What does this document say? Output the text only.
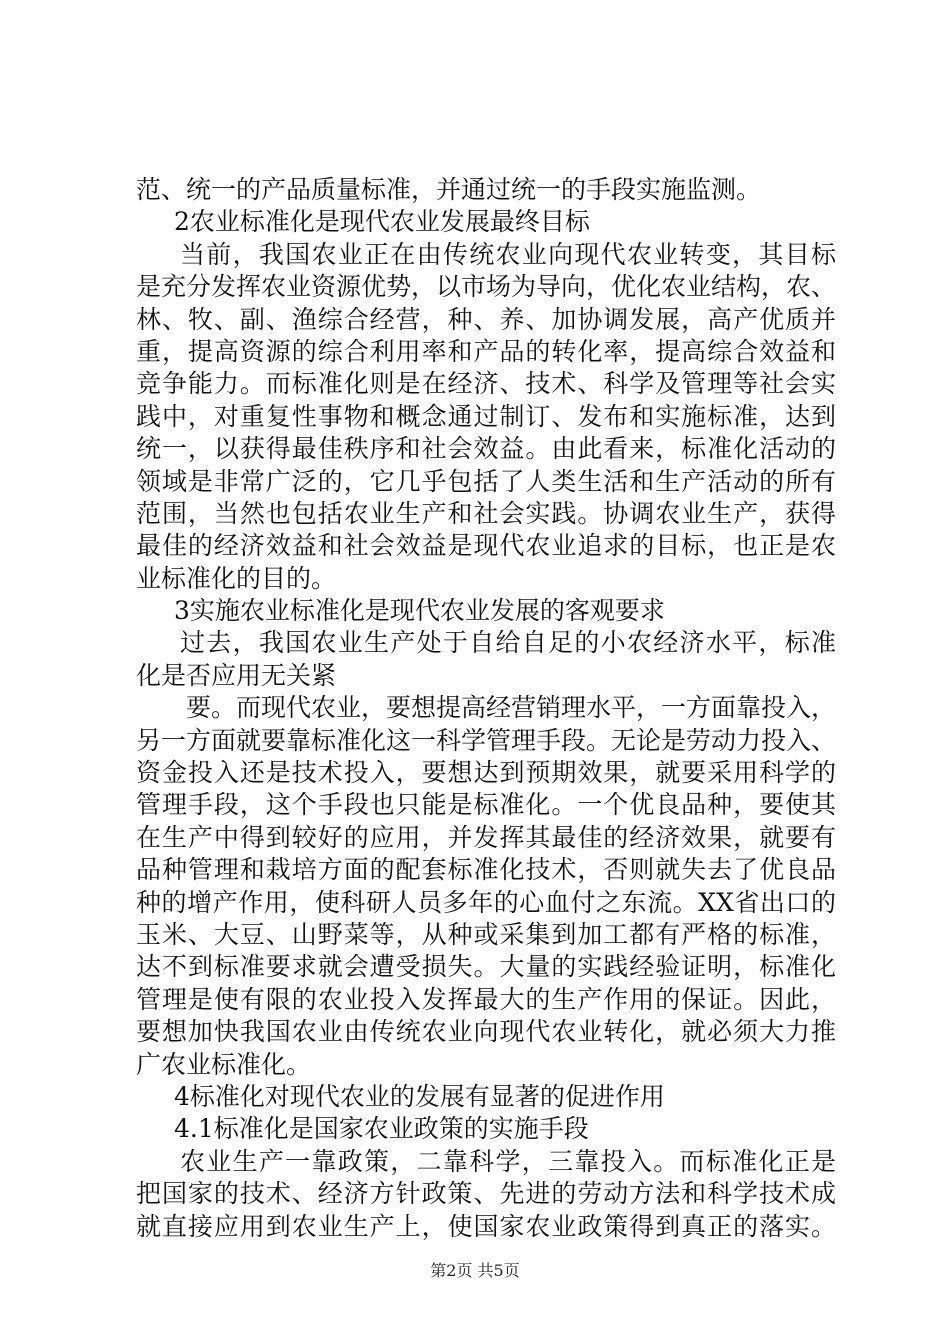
范、统一的产品质量标准，并通过统一的手段实施监测。
2农业标准化是现代农业发展最终目标
当前，我国农业正在由传统农业向现代农业转变，其目标
是充分发挥农业资源优势，以市场为导向，优化农业结构，农、
林、牧、副、渔综合经营，种、养、加协调发展，高产优质并
重，提高资源的综合利用率和产品的转化率，提高综合效益和
竞争能力。而标准化则是在经济、技术、科学及管理等社会实
践中，对重复性事物和概念通过制订、发布和实施标准，达到
统一，以获得最佳秩序和社会效益。由此看来，标准化活动的
领域是非常广泛的，它几乎包括了人类生活和生产活动的所有
范围，当然也包括农业生产和社会实践。协调农业生产，获得
最佳的经济效益和社会效益是现代农业追求的目标，也正是农
业标准化的目的。
3实施农业标准化是现代农业发展的客观要求
过去，我国农业生产处于自给自足的小农经济水平，标准
化是否应用无关紧
要。而现代农业，要想提高经营销理水平，一方面靠投入，
另一方面就要靠标准化这一科学管理手段。无论是劳动力投入、
资金投入还是技术投入，要想达到预期效果，就要采用科学的
管理手段，这个手段也只能是标准化。一个优良品种，要使其
在生产中得到较好的应用，并发挥其最佳的经济效果，就要有
品种管理和栽培方面的配套标准化技术，否则就失去了优良品
种的增产作用，使科研人员多年的心血付之东流。XX省出口的
玉米、大豆、山野菜等，从种或采集到加工都有严格的标准，
达不到标准要求就会遭受损失。大量的实践经验证明，标准化
管理是使有限的农业投入发挥最大的生产作用的保证。因此，
要想加快我国农业由传统农业向现代农业转化，就必须大力推
广农业标准化。
4标准化对现代农业的发展有显著的促进作用
4.1标准化是国家农业政策的实施手段
农业生产一靠政策，二靠科学，三靠投入。而标准化正是
把国家的技术、经济方针政策、先进的劳动方法和科学技术成
就直接应用到农业生产上，使国家农业政策得到真正的落实。
第2页 共5页
